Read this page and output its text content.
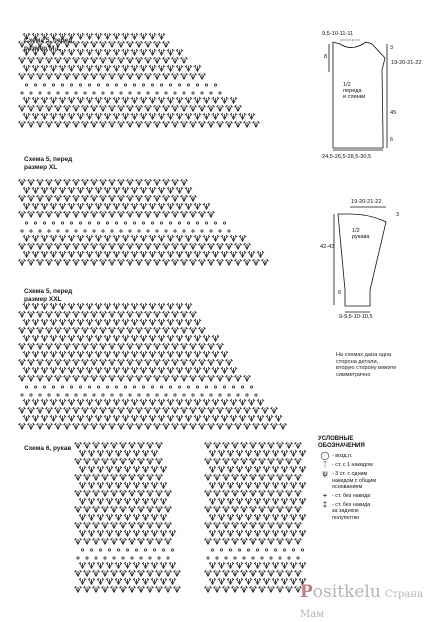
Схема 5, перед
размер M-L
Схема 5, перед
размер XL
Схема 5, перед
размер XXL
Схема 6, рукав
9,5-10-11-11
19-20-21-22
8
3
1/2
переда
и спинки
45
6
24,5-26,5-28,5-30,5
19-20-21-22
3
1/2
рукава
42-43
6
9-9,5-10-10,5
На схемах дана одна
сторона детали,
вторую сторону вяжите
симметрично
УСЛОВНЫЕ
ОБОЗНАЧЕНИЯ
◯ - возд.п.
ᛏ - ст. с 1 накидом
ѱ - 3 ст. с одним
накидом с общим
основанием
+ - ст. без накида
‡ - ст. без накида
за заднюю
полупетлю
Positkelu Страна Мам
